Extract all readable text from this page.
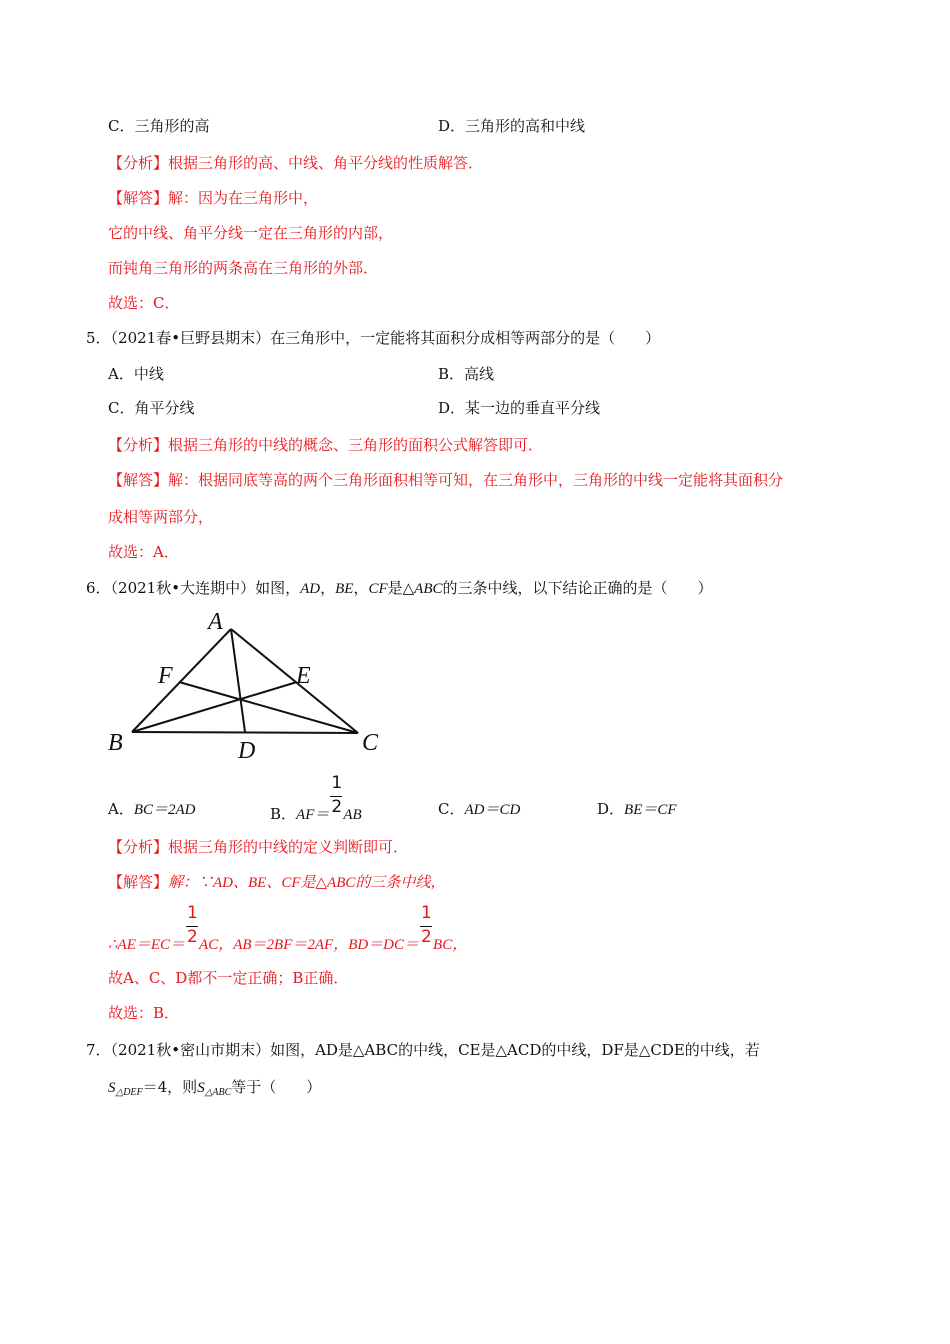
C．三角形的高	D．三角形的高和中线
【分析】根据三角形的高、中线、角平分线的性质解答．
【解答】解：因为在三角形中，
它的中线、角平分线一定在三角形的内部，
而钝角三角形的两条高在三角形的外部．
故选：C．
5．（2021春•巨野县期末）在三角形中，一定能将其面积分成相等两部分的是（　　）
A．中线	B．高线
C．角平分线	D．某一边的垂直平分线
【分析】根据三角形的中线的概念、三角形的面积公式解答即可．
【解答】解：根据同底等高的两个三角形面积相等可知，在三角形中，三角形的中线一定能将其面积分
成相等两部分，
故选：A．
6．（2021秋•大连期中）如图，AD，BE，CF是△ABC的三条中线，以下结论正确的是（　　）
A
B	C
D
E
F
A．BC＝2AD	B．$AF= \frac{1}{2}$ AB	C．AD＝CD	D．BE＝CF
【分析】根据三角形的中线的定义判断即可．
【解答】解：∵AD、BE、CF是△ABC的三条中线，
∴AE＝EC＝ $\frac{1}{2}$ AC，AB＝2BF＝2AF，$BD=DC= \frac{1}{2}$ BC，
故A、C、D都不一定正确；B正确．
故选：B．
7．（2021秋•密山市期末）如图，AD是△ABC的中线，CE是△ACD的中线，DF是△CDE的中线，若
$S_{\triangle DEF}=4$，则$S_{\triangle ABC}$等于（　　）
